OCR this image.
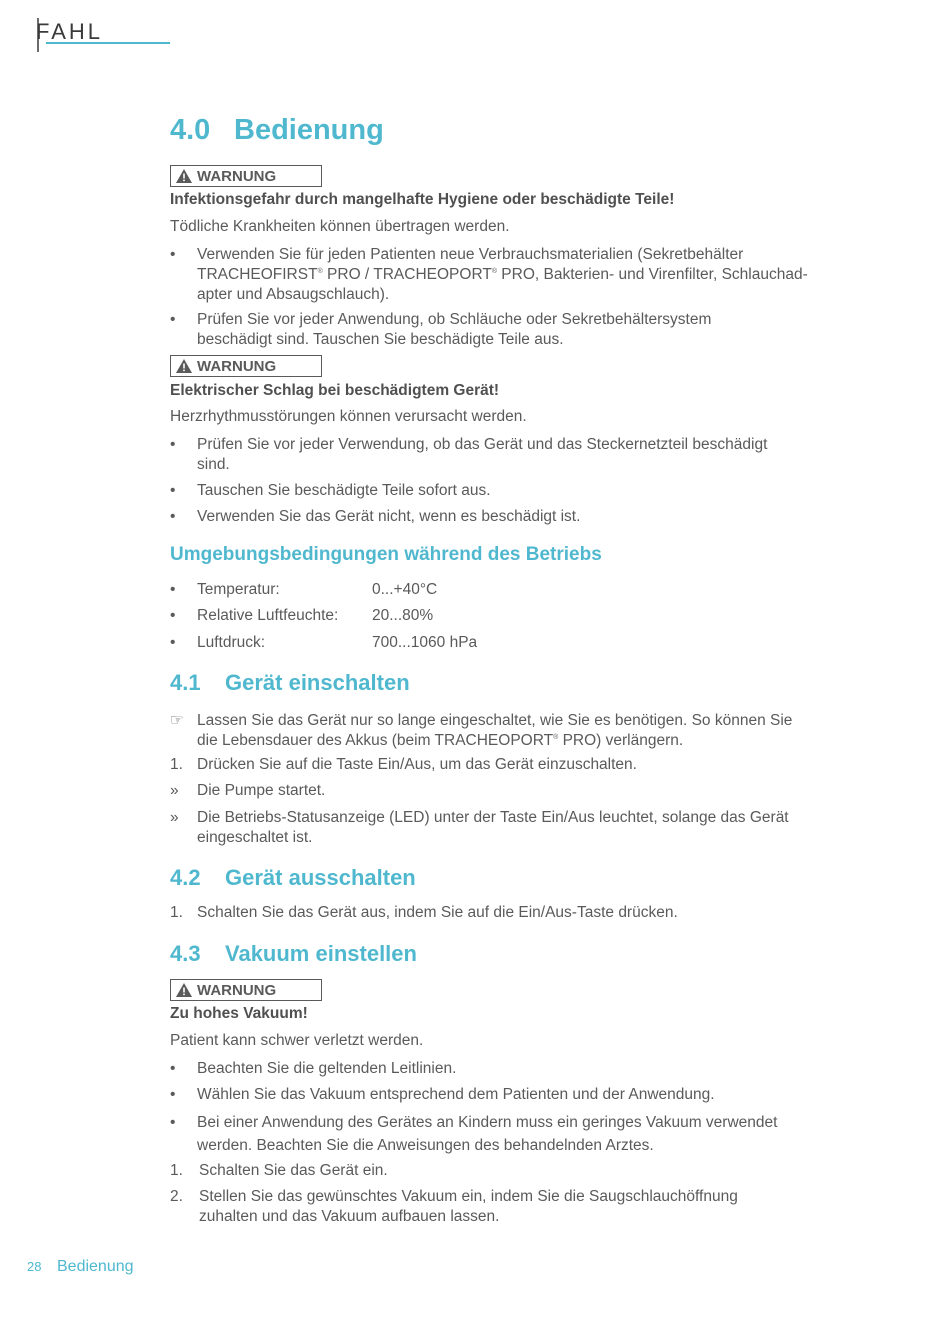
FAHL
4.0 Bedienung
WARNUNG
Infektionsgefahr durch mangelhafte Hygiene oder beschädigte Teile!
Tödliche Krankheiten können übertragen werden.
•	Verwenden Sie für jeden Patienten neue Verbrauchsmaterialien (Sekretbehälter
TRACHEOFIRST® PRO / TRACHEOPORT® PRO, Bakterien- und Virenfilter, Schlauchad-
apter und Absaugschlauch).
•	Prüfen Sie vor jeder Anwendung, ob Schläuche oder Sekretbehältersystem
beschädigt sind. Tauschen Sie beschädigte Teile aus.
WARNUNG
Elektrischer Schlag bei beschädigtem Gerät!
Herzrhythmusstörungen können verursacht werden.
•	Prüfen Sie vor jeder Verwendung, ob das Gerät und das Steckernetzteil beschädigt
sind.
•	Tauschen Sie beschädigte Teile sofort aus.
•	Verwenden Sie das Gerät nicht, wenn es beschädigt ist.
Umgebungsbedingungen während des Betriebs
•	Temperatur:	0...+40°C
•	Relative Luftfeuchte: 20...80%
•	Luftdruck:	700...1060 hPa
4.1 Gerät einschalten
☞ Lassen Sie das Gerät nur so lange eingeschaltet, wie Sie es benötigen. So können Sie
die Lebensdauer des Akkus (beim TRACHEOPORT® PRO) verlängern.
1. Drücken Sie auf die Taste Ein/Aus, um das Gerät einzuschalten.
»	Die Pumpe startet.
»	Die Betriebs-Statusanzeige (LED) unter der Taste Ein/Aus leuchtet, solange das Gerät
eingeschaltet ist.
4.2 Gerät ausschalten
1. Schalten Sie das Gerät aus, indem Sie auf die Ein/Aus-Taste drücken.
4.3 Vakuum einstellen
WARNUNG
Zu hohes Vakuum!
Patient kann schwer verletzt werden.
•	Beachten Sie die geltenden Leitlinien.
•	Wählen Sie das Vakuum entsprechend dem Patienten und der Anwendung.
•	Bei einer Anwendung des Gerätes an Kindern muss ein geringes Vakuum verwendet
werden. Beachten Sie die Anweisungen des behandelnden Arztes.
1.	Schalten Sie das Gerät ein.
2.	Stellen Sie das gewünschtes Vakuum ein, indem Sie die Saugschlauchöffnung
zuhalten und das Vakuum aufbauen lassen.
28 Bedienung
